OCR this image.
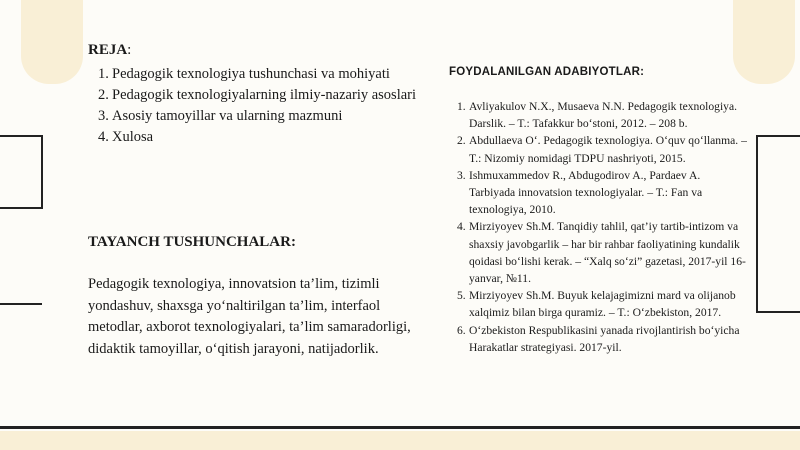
REJA:
1. Pedagogik texnologiya tushunchasi va mohiyati
2. Pedagogik texnologiyalarning ilmiy-nazariy asoslari
3. Asosiy tamoyillar va ularning mazmuni
4. Xulosa
TAYANCH TUSHUNCHALAR:
Pedagogik texnologiya, innovatsion ta’lim, tizimli yondashuv, shaxsga yo‘naltirilgan ta’lim, interfaol metodlar, axborot texnologiyalari, ta’lim samaradorligi, didaktik tamoyillar, o‘qitish jarayoni, natijadorlik.
FOYDALANILGAN ADABIYOTLAR:
1. Avliyakulov N.X., Musaeva N.N. Pedagogik texnologiya. Darslik. – T.: Tafakkur bo‘stoni, 2012. – 208 b.
2. Abdullaeva O‘. Pedagogik texnologiya. O‘quv qo‘llanma. – T.: Nizomiy nomidagi TDPU nashriyoti, 2015.
3. Ishmuxammedov R., Abdugodirov A., Pardaev A. Tarbiyada innovatsion texnologiyalar. – T.: Fan va texnologiya, 2010.
4. Mirziyoyev Sh.M. Tanqidiy tahlil, qat’iy tartib-intizom va shaxsiy javobgarlik – har bir rahbar faoliyatining kundalik qoidasi bo‘lishi kerak. – “Xalq so‘zi” gazetasi, 2017-yil 16-yanvar, №11.
5. Mirziyoyev Sh.M. Buyuk kelajagimizni mard va olijanob xalqimiz bilan birga quramiz. – T.: O‘zbekiston, 2017.
6. O‘zbekiston Respublikasini yanada rivojlantirish bo‘yicha Harakatlar strategiyasi. 2017-yil.
